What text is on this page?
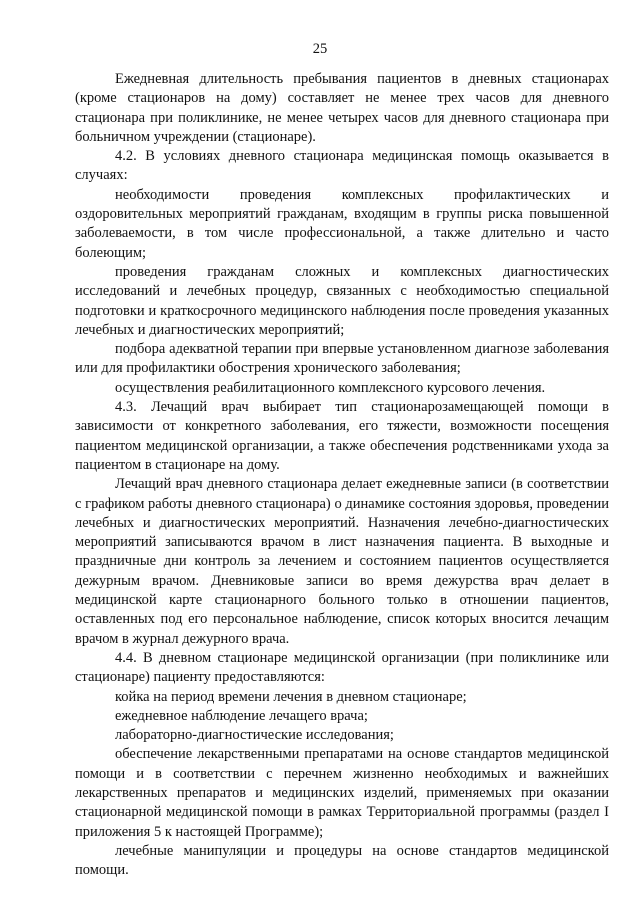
25

Ежедневная длительность пребывания пациентов в дневных стационарах (кроме стационаров на дому) составляет не менее трех часов для дневного стационара при поликлинике, не менее четырех часов для дневного стационара при больничном учреждении (стационаре).

4.2. В условиях дневного стационара медицинская помощь оказывается в случаях:

необходимости проведения комплексных профилактических и оздоровительных мероприятий гражданам, входящим в группы риска повышенной заболеваемости, в том числе профессиональной, а также длительно и часто болеющим;

проведения гражданам сложных и комплексных диагностических исследований и лечебных процедур, связанных с необходимостью специальной подготовки и краткосрочного медицинского наблюдения после проведения указанных лечебных и диагностических мероприятий;

подбора адекватной терапии при впервые установленном диагнозе заболевания или для профилактики обострения хронического заболевания;

осуществления реабилитационного комплексного курсового лечения.

4.3. Лечащий врач выбирает тип стационарозамещающей помощи в зависимости от конкретного заболевания, его тяжести, возможности посещения пациентом медицинской организации, а также обеспечения родственниками ухода за пациентом в стационаре на дому.

Лечащий врач дневного стационара делает ежедневные записи (в соответствии с графиком работы дневного стационара) о динамике состояния здоровья, проведении лечебных и диагностических мероприятий. Назначения лечебно-диагностических мероприятий записываются врачом в лист назначения пациента. В выходные и праздничные дни контроль за лечением и состоянием пациентов осуществляется дежурным врачом. Дневниковые записи во время дежурства врач делает в медицинской карте стационарного больного только в отношении пациентов, оставленных под его персональное наблюдение, список которых вносится лечащим врачом в журнал дежурного врача.

4.4. В дневном стационаре медицинской организации (при поликлинике или стационаре) пациенту предоставляются:

койка на период времени лечения в дневном стационаре;

ежедневное наблюдение лечащего врача;

лабораторно-диагностические исследования;

обеспечение лекарственными препаратами на основе стандартов медицинской помощи и в соответствии с перечнем жизненно необходимых и важнейших лекарственных препаратов и медицинских изделий, применяемых при оказании стационарной медицинской помощи в рамках Территориальной программы (раздел I приложения 5 к настоящей Программе);

лечебные манипуляции и процедуры на основе стандартов медицинской помощи.
